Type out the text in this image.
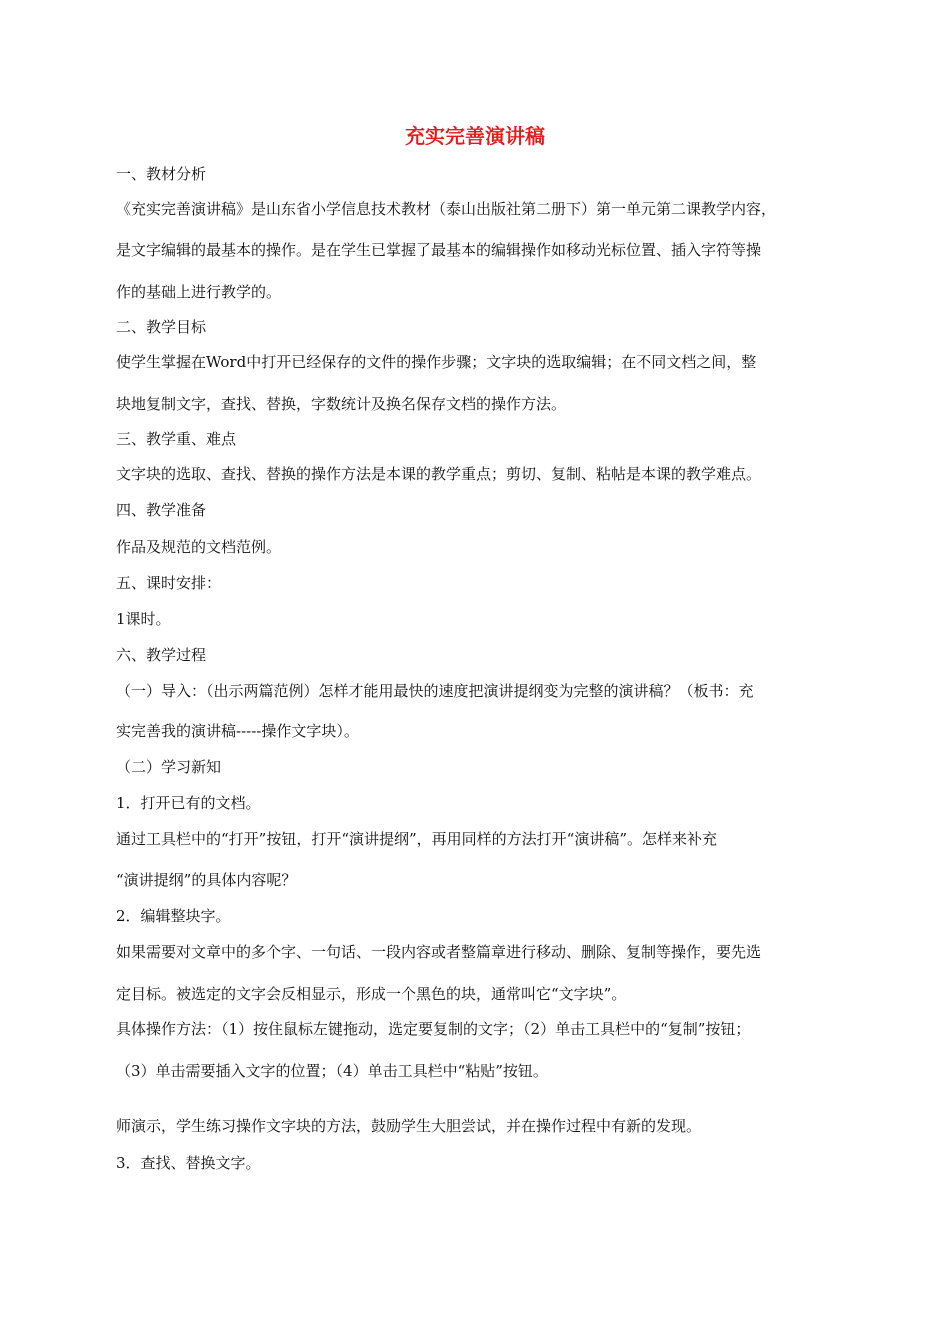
充实完善演讲稿

一、教材分析

《充实完善演讲稿》是山东省小学信息技术教材（泰山出版社第二册下）第一单元第二课教学内容，

是文字编辑的最基本的操作。是在学生已掌握了最基本的编辑操作如移动光标位置、插入字符等操

作的基础上进行教学的。

二、教学目标

使学生掌握在Word中打开已经保存的文件的操作步骤；文字块的选取编辑；在不同文档之间，整

块地复制文字，查找、替换，字数统计及换名保存文档的操作方法。

三、教学重、难点

文字块的选取、查找、替换的操作方法是本课的教学重点；剪切、复制、粘帖是本课的教学难点。

四、教学准备

作品及规范的文档范例。

五、课时安排：

1课时。

六、教学过程

（一）导入：（出示两篇范例）怎样才能用最快的速度把演讲提纲变为完整的演讲稿？（板书：充

实完善我的演讲稿-----操作文字块）。

（二）学习新知

1．打开已有的文档。

通过工具栏中的“打开”按钮，打开“演讲提纲”，再用同样的方法打开“演讲稿”。怎样来补充

“演讲提纲”的具体内容呢？

2．编辑整块字。

如果需要对文章中的多个字、一句话、一段内容或者整篇章进行移动、删除、复制等操作，要先选

定目标。被选定的文字会反相显示，形成一个黑色的块，通常叫它“文字块”。

具体操作方法：（1）按住鼠标左键拖动，选定要复制的文字；（2）单击工具栏中的“复制”按钮；

（3）单击需要插入文字的位置；（4）单击工具栏中“粘贴”按钮。

师演示，学生练习操作文字块的方法，鼓励学生大胆尝试，并在操作过程中有新的发现。

3．查找、替换文字。
